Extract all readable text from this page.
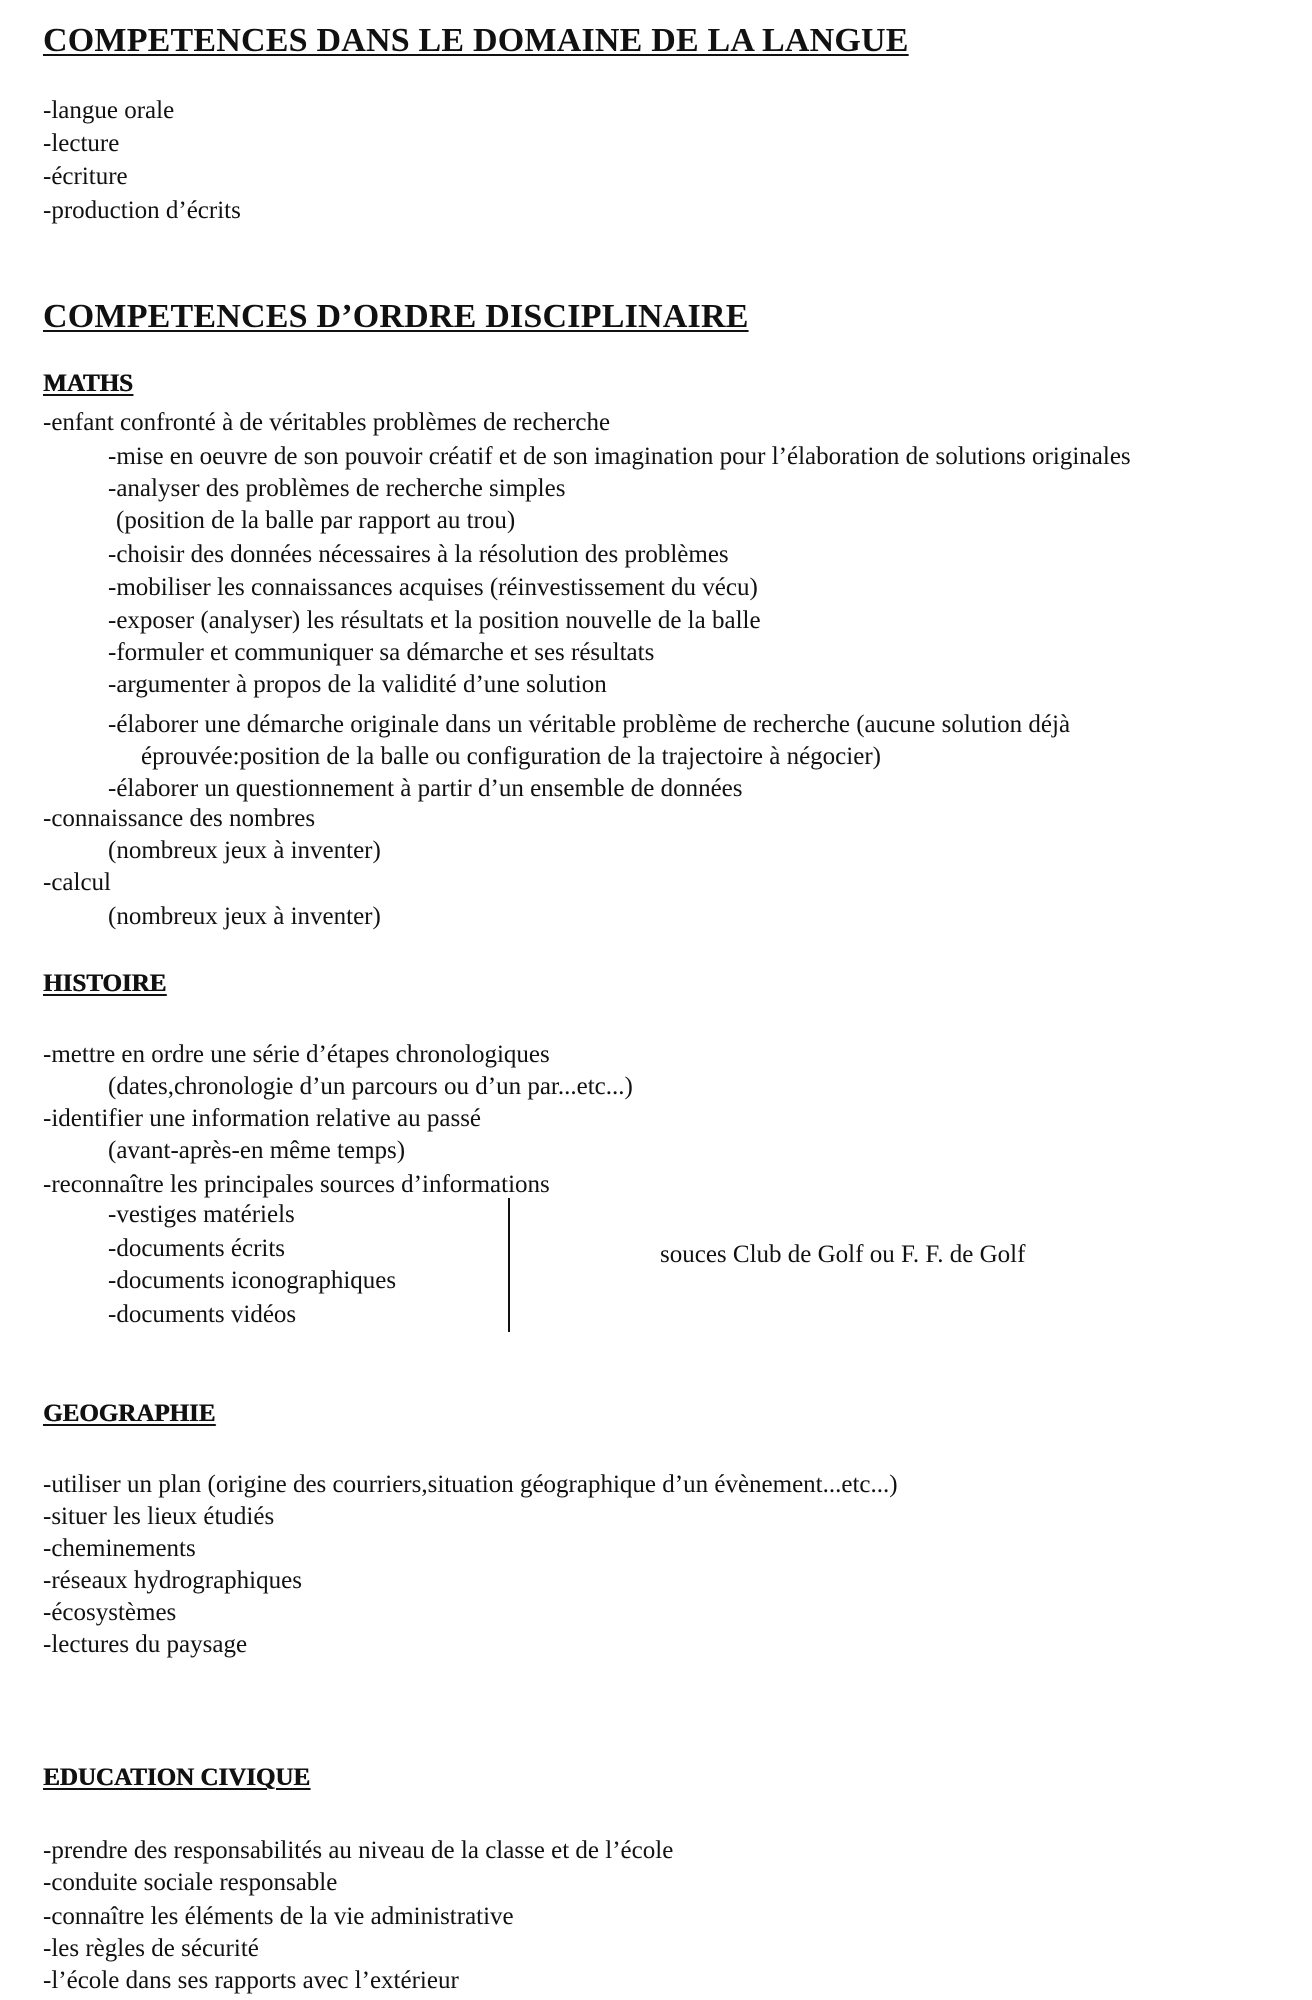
COMPETENCES DANS LE DOMAINE DE LA LANGUE
-langue orale
-lecture
-écriture
-production d’écrits
COMPETENCES D’ORDRE DISCIPLINAIRE
MATHS
-enfant confronté à de véritables problèmes de recherche
-mise en oeuvre de son pouvoir créatif et de son imagination pour l’élaboration de solutions originales
-analyser des problèmes de recherche simples
(position de la balle par rapport au trou)
-choisir des données nécessaires à la résolution des problèmes
-mobiliser les connaissances acquises (réinvestissement du vécu)
-exposer (analyser) les résultats et la position nouvelle de la balle
-formuler et communiquer sa démarche et ses résultats
-argumenter à propos de la validité d’une solution
-élaborer une démarche originale dans un véritable problème de recherche (aucune solution déjà
éprouvée:position de la balle ou configuration de la trajectoire à négocier)
-élaborer un questionnement à partir d’un ensemble de données
-connaissance des nombres
(nombreux jeux à inventer)
-calcul
(nombreux jeux à inventer)
HISTOIRE
-mettre en ordre une série d’étapes chronologiques
(dates,chronologie d’un parcours ou d’un par...etc...)
-identifier une information relative au passé
(avant-après-en même temps)
-reconnaître les principales sources d’informations
-vestiges matériels
-documents écrits
-documents iconographiques
-documents vidéos
souces Club de Golf ou F. F. de Golf
GEOGRAPHIE
-utiliser un plan (origine des courriers,situation géographique d’un évènement...etc...)
-situer les lieux étudiés
-cheminements
-réseaux hydrographiques
-écosystèmes
-lectures du paysage
EDUCATION CIVIQUE
-prendre des responsabilités au niveau de la classe et de l’école
-conduite sociale responsable
-connaître les éléments de la vie administrative
-les règles de sécurité
-l’école dans ses rapports avec l’extérieur
